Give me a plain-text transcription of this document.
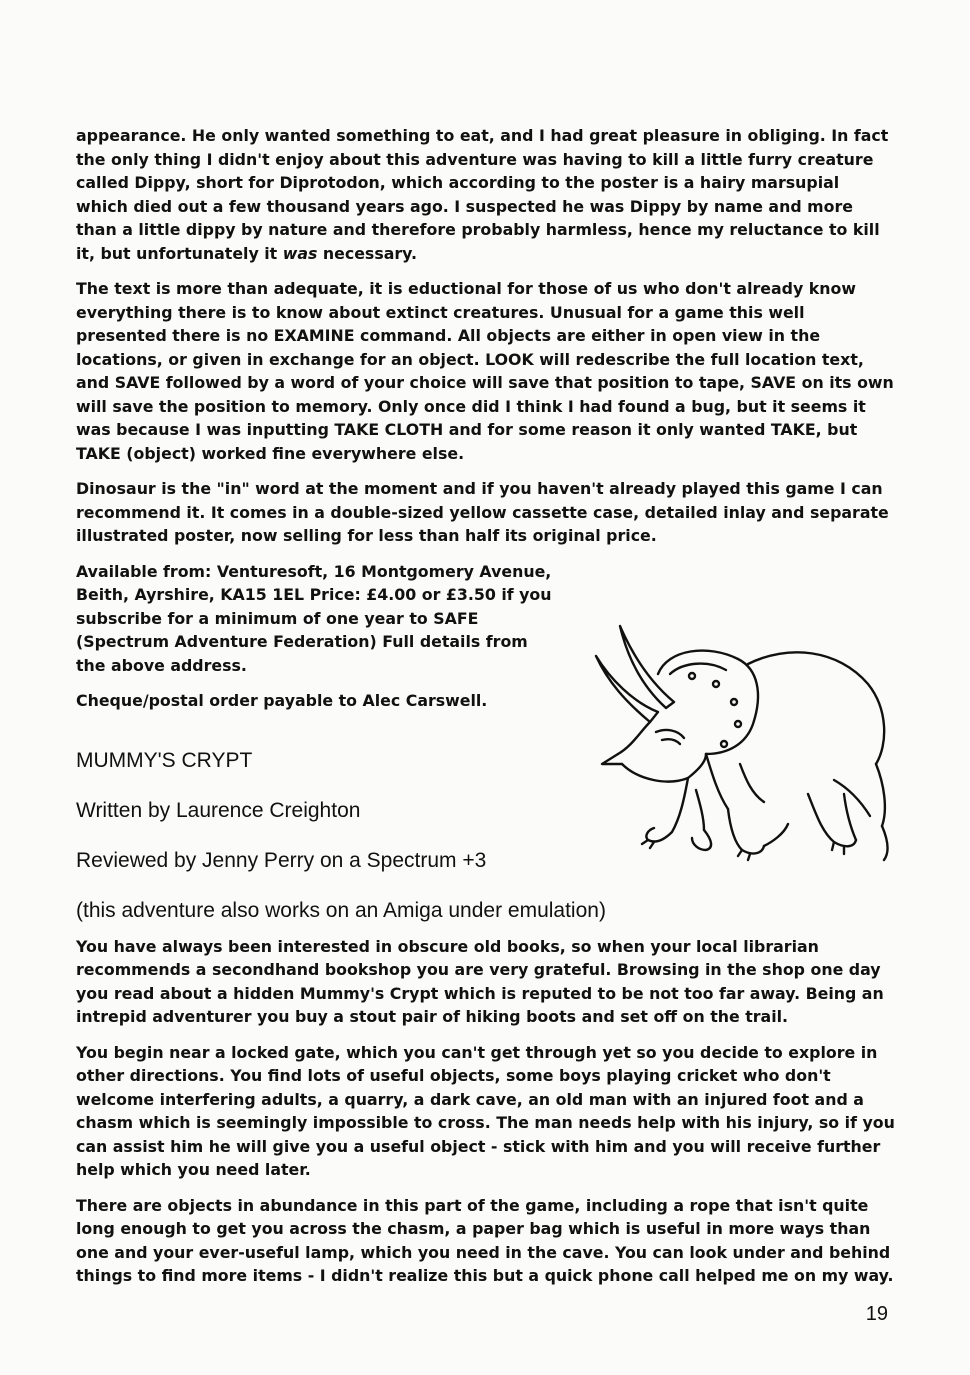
appearance. He only wanted something to eat, and I had great pleasure in obliging. In fact the only thing I didn't enjoy about this adventure was having to kill a little furry creature called Dippy, short for Diprotodon, which according to the poster is a hairy marsupial which died out a few thousand years ago. I suspected he was Dippy by name and more than a little dippy by nature and therefore probably harmless, hence my reluctance to kill it, but unfortunately it was necessary.

The text is more than adequate, it is eductional for those of us who don't already know everything there is to know about extinct creatures. Unusual for a game this well presented there is no EXAMINE command. All objects are either in open view in the locations, or given in exchange for an object. LOOK will redescribe the full location text, and SAVE followed by a word of your choice will save that position to tape, SAVE on its own will save the position to memory. Only once did I think I had found a bug, but it seems it was because I was inputting TAKE CLOTH and for some reason it only wanted TAKE, but TAKE (object) worked fine everywhere else.

Dinosaur is the "in" word at the moment and if you haven't already played this game I can recommend it. It comes in a double-sized yellow cassette case, detailed inlay and separate illustrated poster, now selling for less than half its original price.

Available from: Venturesoft, 16 Montgomery Avenue, Beith, Ayrshire, KA15 1EL Price: £4.00 or £3.50 if you subscribe for a minimum of one year to SAFE (Spectrum Adventure Federation) Full details from the above address.

Cheque/postal order payable to Alec Carswell.

MUMMY'S CRYPT

Written by Laurence Creighton

Reviewed by Jenny Perry on a Spectrum +3

(this adventure also works on an Amiga under emulation)

You have always been interested in obscure old books, so when your local librarian recommends a secondhand bookshop you are very grateful. Browsing in the shop one day you read about a hidden Mummy's Crypt which is reputed to be not too far away. Being an intrepid adventurer you buy a stout pair of hiking boots and set off on the trail.

You begin near a locked gate, which you can't get through yet so you decide to explore in other directions. You find lots of useful objects, some boys playing cricket who don't welcome interfering adults, a quarry, a dark cave, an old man with an injured foot and a chasm which is seemingly impossible to cross. The man needs help with his injury, so if you can assist him he will give you a useful object - stick with him and you will receive further help which you need later.

There are objects in abundance in this part of the game, including a rope that isn't quite long enough to get you across the chasm, a paper bag which is useful in more ways than one and your ever-useful lamp, which you need in the cave. You can look under and behind things to find more items - I didn't realize this but a quick phone call helped me on my way.

19
